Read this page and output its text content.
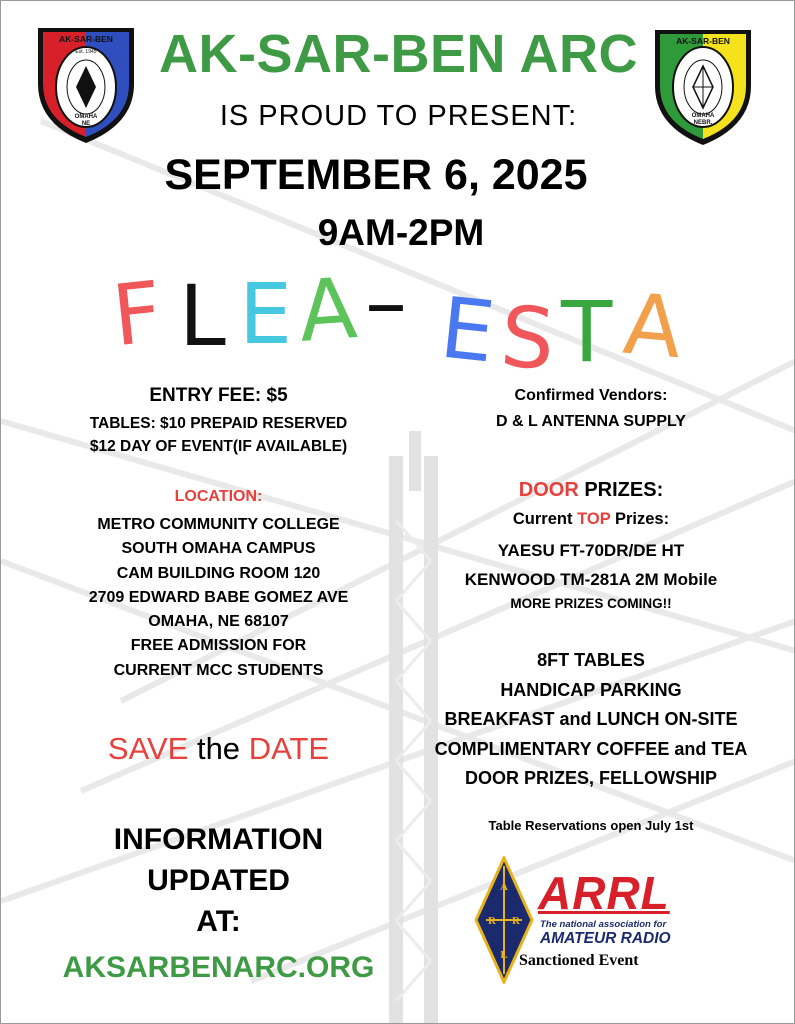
AK-SAR-BEN
Est. 1945
OMAHA
NE
AK-SAR-BEN
OMAHA
NEBR.
AK-SAR-BEN ARC
IS PROUD TO PRESENT:
SEPTEMBER 6, 2025
9AM-2PM
F L E A – E
S T A
ENTRY FEE: $5
TABLES: $10 PREPAID RESERVED
$12 DAY OF EVENT(IF AVAILABLE)
LOCATION:
METRO COMMUNITY COLLEGE
SOUTH OMAHA CAMPUS
CAM BUILDING ROOM 120
2709 EDWARD BABE GOMEZ AVE
OMAHA, NE 68107
FREE ADMISSION FOR
CURRENT MCC STUDENTS
SAVE the DATE
INFORMATION
UPDATED
AT:
AKSARBENARC.ORG
Confirmed Vendors:
D & L ANTENNA SUPPLY
DOOR PRIZES:
Current TOP Prizes:
YAESU FT-70DR/DE HT
KENWOOD TM-281A 2M Mobile
MORE PRIZES COMING!!
8FT TABLES
HANDICAP PARKING
BREAKFAST and LUNCH ON-SITE
COMPLIMENTARY COFFEE and TEA
DOOR PRIZES, FELLOWSHIP
Table Reservations open July 1st
A
R R
L
ARRL
The national association for
AMATEUR RADIO
Sanctioned Event
